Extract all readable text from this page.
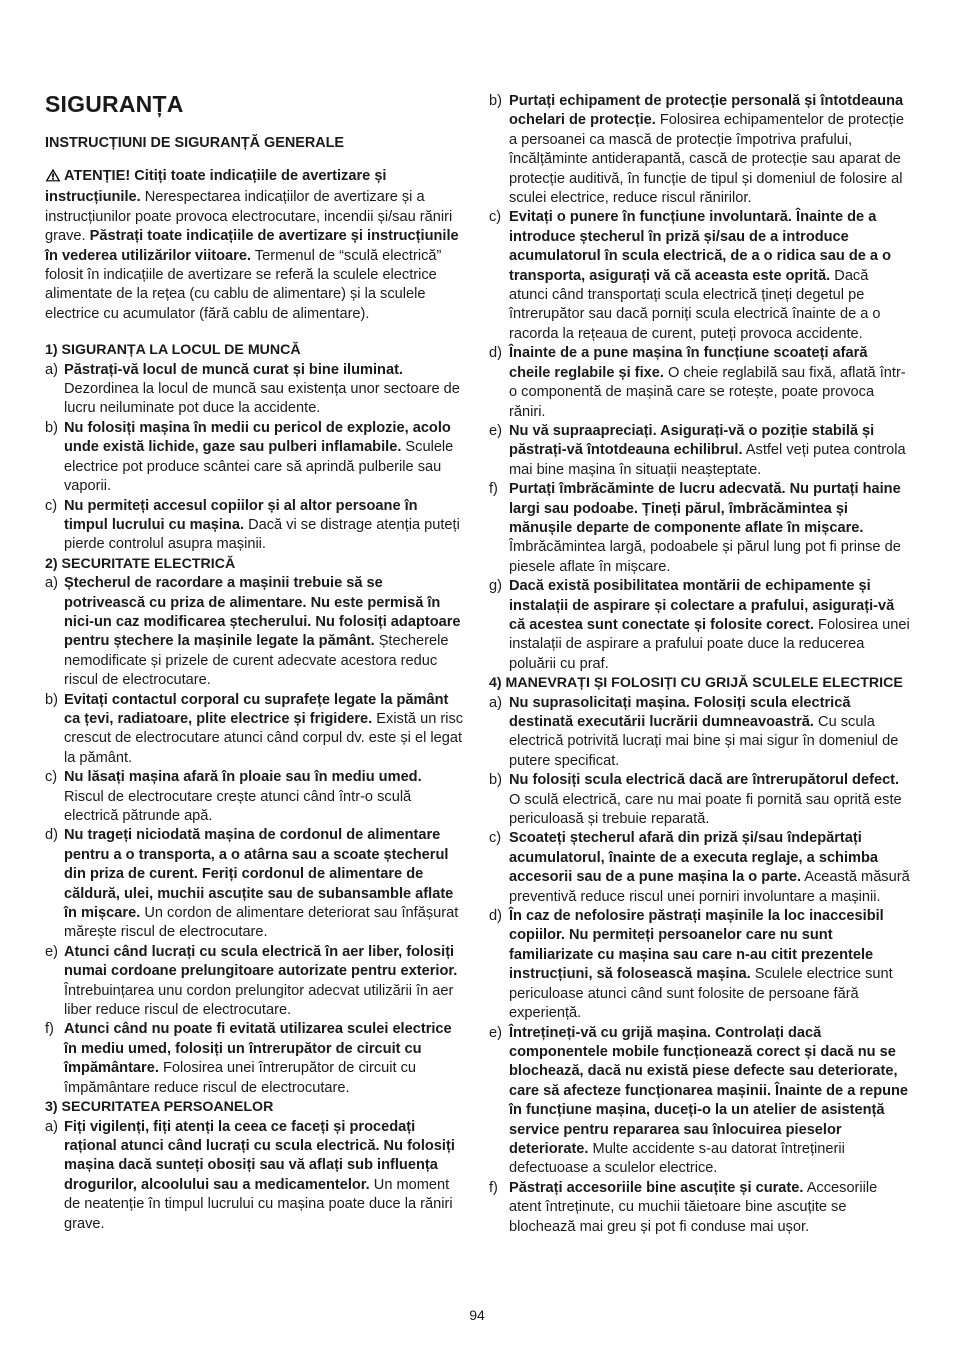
SIGURANȚA
INSTRUCȚIUNI DE SIGURANȚĂ GENERALE

ATENȚIE! Citiți toate indicațiile de avertizare și instrucțiunile. Nerespectarea indicațiilor de avertizare și a instrucțiunilor poate provoca electrocutare, incendii și/sau răniri grave. Păstrați toate indicațiile de avertizare și instrucțiunile în vederea utilizărilor viitoare. Termenul de “sculă electrică” folosit în indicațiile de avertizare se referă la sculele electrice alimentate de la rețea (cu cablu de alimentare) și la sculele electrice cu acumulator (fără cablu de alimentare).

1) SIGURANȚA LA LOCUL DE MUNCĂ

a) Păstrați-vă locul de muncă curat și bine iluminat. Dezordinea la locul de muncă sau existența unor sectoare de lucru neiluminate pot duce la accidente.
b) Nu folosiți mașina în medii cu pericol de explozie, acolo unde există lichide, gaze sau pulberi inflamabile. Sculele electrice pot produce scântei care să aprindă pulberile sau vaporii.
c) Nu permiteți accesul copiilor și al altor persoane în timpul lucrului cu mașina. Dacă vi se distrage atenția puteți pierde controlul asupra mașinii.

2) SECURITATE ELECTRICĂ

a) Ștecherul de racordare a mașinii trebuie să se potrivească cu priza de alimentare. Nu este permisă în nici-un caz modificarea ștecherului. Nu folosiți adaptoare pentru ștechere la mașinile legate la pământ. Ștecherele nemodificate și prizele de curent adecvate acestora reduc riscul de electrocutare.
b) Evitați contactul corporal cu suprafețe legate la pământ ca țevi, radiatoare, plite electrice și frigidere. Există un risc crescut de electrocutare atunci când corpul dv. este și el legat la pământ.
c) Nu lăsați mașina afară în ploaie sau în mediu umed. Riscul de electrocutare crește atunci când într-o sculă electrică pătrunde apă.
d) Nu trageți niciodată mașina de cordonul de alimentare pentru a o transporta, a o atârna sau a scoate ștecherul din priza de curent. Feriți cordonul de alimentare de căldură, ulei, muchii ascuțite sau de subansamble aflate în mișcare. Un cordon de alimentare deteriorat sau înfășurat mărește riscul de electrocutare.
e) Atunci când lucrați cu scula electrică în aer liber, folosiți numai cordoane prelungitoare autorizate pentru exterior. Întrebuințarea unu cordon prelungitor adecvat utilizării în aer liber reduce riscul de electrocutare.
f) Atunci când nu poate fi evitată utilizarea sculei electrice în mediu umed, folosiți un întrerupător de circuit cu împământare. Folosirea unei întrerupător de circuit cu împământare reduce riscul de electrocutare.

3) SECURITATEA PERSOANELOR

a) Fiți vigilenți, fiți atenți la ceea ce faceți și procedați rațional atunci când lucrați cu scula electrică. Nu folosiți mașina dacă sunteți obosiți sau vă aflați sub influența drogurilor, alcoolului sau a medicamentelor. Un moment de neatenție în timpul lucrului cu mașina poate duce la răniri grave.
b) Purtați echipament de protecție personală și întotdeauna ochelari de protecție. Folosirea echipamentelor de protecție a persoanei ca mască de protecție împotriva prafului, încălțăminte antiderapantă, cască de protecție sau aparat de protecție auditivă, în funcție de tipul și domeniul de folosire al sculei electrice, reduce riscul rănirilor.
c) Evitați o punere în funcțiune involuntară. Înainte de a introduce ștecherul în priză și/sau de a introduce acumulatorul în scula electrică, de a o ridica sau de a o transporta, asigurați vă că aceasta este oprită. Dacă atunci când transportați scula electrică țineți degetul pe întrerupător sau dacă porniți scula electrică înainte de a o racorda la rețeaua de curent, puteți provoca accidente.
d) Înainte de a pune mașina în funcțiune scoateți afară cheile reglabile și fixe. O cheie reglabilă sau fixă, aflată într-o componentă de mașină care se rotește, poate provoca răniri.
e) Nu vă supraapreciați. Asigurați-vă o poziție stabilă și păstrați-vă întotdeauna echilibrul. Astfel veți putea controla mai bine mașina în situații neașteptate.
f) Purtați îmbrăcăminte de lucru adecvată. Nu purtați haine largi sau podoabe. Țineți părul, îmbrăcămintea și mănușile departe de componente aflate în mișcare. Îmbrăcămintea largă, podoabele și părul lung pot fi prinse de piesele aflate în mișcare.
g) Dacă există posibilitatea montării de echipamente și instalații de aspirare și colectare a prafului, asigurați-vă că acestea sunt conectate și folosite corect. Folosirea unei instalații de aspirare a prafului poate duce la reducerea poluării cu praf.

4) MANEVRAȚI ȘI FOLOSIȚI CU GRIJĂ SCULELE ELECTRICE

a) Nu suprasolicitați mașina. Folosiți scula electrică destinată executării lucrării dumneavoastră. Cu scula electrică potrivită lucrați mai bine și mai sigur în domeniul de putere specificat.
b) Nu folosiți scula electrică dacă are întrerupătorul defect. O sculă electrică, care nu mai poate fi pornită sau oprită este periculoasă și trebuie reparată.
c) Scoateți ștecherul afară din priză și/sau îndepărtați acumulatorul, înainte de a executa reglaje, a schimba accesorii sau de a pune mașina la o parte. Această măsură preventivă reduce riscul unei porniri involuntare a mașinii.
d) În caz de nefolosire păstrați mașinile la loc inaccesibil copiilor. Nu permiteți persoanelor care nu sunt familiarizate cu mașina sau care n-au citit prezentele instrucțiuni, să folosească mașina. Sculele electrice sunt periculoase atunci când sunt folosite de persoane fără experiență.
e) Întrețineți-vă cu grijă mașina. Controlați dacă componentele mobile funcționează corect și dacă nu se blochează, dacă nu există piese defecte sau deteriorate, care să afecteze funcționarea mașinii. Înainte de a repune în funcțiune mașina, duceți-o la un atelier de asistență service pentru repararea sau înlocuirea pieselor deteriorate. Multe accidente s-au datorat întreținerii defectuoase a sculelor electrice.
f) Păstrați accesoriile bine ascuțite și curate. Accesoriile atent întreținute, cu muchii tăietoare bine ascuțite se blochează mai greu și pot fi conduse mai ușor.
94
